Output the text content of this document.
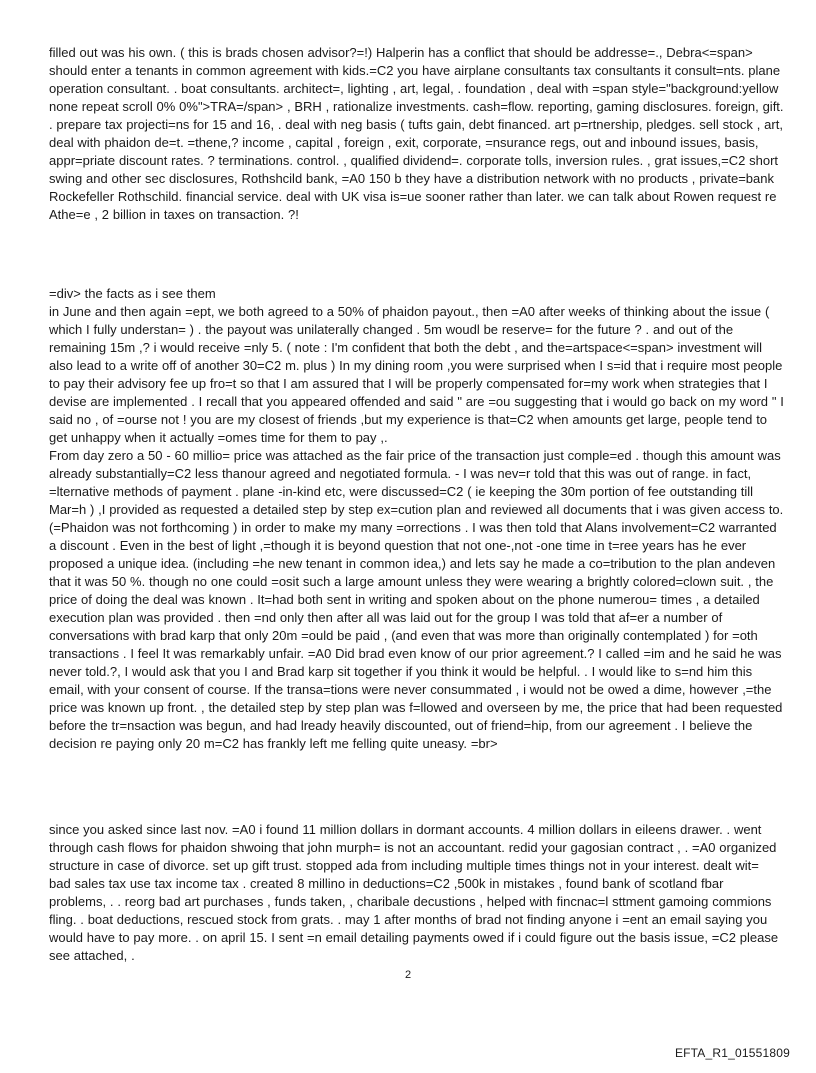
filled out was his own. ( this is brads chosen advisor?=!) Halperin has a conflict that should be addresse=., Debra<=span> should enter a tenants in common agreement with kids.=C2 you have airplane consultants tax consultants it consult=nts. plane operation consultant. . boat consultants. architect=, lighting , art, legal, . foundation , deal with =span style="background:yellow none repeat scroll 0% 0%">TRA=/span> , BRH , rationalize investments. cash=flow. reporting, gaming disclosures. foreign, gift. . prepare tax projecti=ns for 15 and 16, . deal with neg basis ( tufts gain, debt financed. art p=rtnership, pledges. sell stock , art, deal with phaidon de=t. =thene,? income , capital , foreign , exit, corporate, =nsurance regs, out and inbound issues, basis, appr=priate discount rates. ? terminations. control. , qualified dividend=. corporate tolls, inversion rules. , grat issues,=C2 short swing and other sec disclosures, Rothshcild bank, =A0 150 b they have a distribution network with no products , private=bank Rockefeller Rothschild. financial service. deal with UK visa is=ue sooner rather than later. we can talk about Rowen request re Athe=e , 2 billion in taxes on transaction. ?!

=div> the facts as i see them
in June and then again =ept, we both agreed to a 50% of phaidon payout., then =A0 after weeks of thinking about the issue ( which I fully understan= ) . the payout was unilaterally changed . 5m woudl be reserve= for the future ? . and out of the remaining 15m ,? i would receive =nly 5. ( note : I'm confident that both the debt , and the=artspace<=span> investment will also lead to a write off of another 30=C2 m. plus ) In my dining room ,you were surprised when I s=id that i require most people to pay their advisory fee up fro=t so that I am assured that I will be properly compensated for=my work when strategies that I devise are implemented . I recall that you appeared offended and said " are =ou suggesting that i would go back on my word " I said no , of =ourse not ! you are my closest of friends ,but my experience is that=C2 when amounts get large, people tend to get unhappy when it actually =omes time for them to pay ,.
From day zero a 50 - 60 millio= price was attached as the fair price of the transaction just comple=ed . though this amount was already substantially=C2 less thanour agreed and negotiated formula. - I was nev=r told that this was out of range. in fact, =lternative methods of payment . plane -in-kind etc, were discussed=C2 ( ie keeping the 30m portion of fee outstanding till Mar=h ) ,I provided as requested a detailed step by step ex=cution plan and reviewed all documents that i was given access to. (=Phaidon was not forthcoming ) in order to make my many =orrections . I was then told that Alans involvement=C2 warranted a discount . Even in the best of light ,=though it is beyond question that not one-,not -one time in t=ree years has he ever proposed a unique idea. (including =he new tenant in common idea,) and lets say he made a co=tribution to the plan andeven that it was 50 %. though no one could =osit such a large amount unless they were wearing a brightly colored=clown suit. , the price of doing the deal was known . It=had both sent in writing and spoken about on the phone numerou= times , a detailed execution plan was provided . then =nd only then after all was laid out for the group I was told that af=er a number of conversations with brad karp that only 20m =ould be paid , (and even that was more than originally contemplated ) for =oth transactions . I feel It was remarkably unfair. =A0 Did brad even know of our prior agreement.? I called =im and he said he was never told.?, I would ask that you I and Brad karp sit together if you think it would be helpful. . I would like to s=nd him this email, with your consent of course. If the transa=tions were never consummated , i would not be owed a dime, however ,=the price was known up front. , the detailed step by step plan was f=llowed and overseen by me, the price that had been requested before the tr=nsaction was begun, and had lready heavily discounted, out of friend=hip, from our agreement . I believe the decision re paying only 20 m=C2 has frankly left me felling quite uneasy. =br>

since you asked since last nov. =A0 i found 11 million dollars in dormant accounts. 4 million dollars in eileens drawer. . went through cash flows for phaidon shwoing that john murph= is not an accountant. redid your gagosian contract , . =A0 organized structure in case of divorce. set up gift trust. stopped ada from including multiple times things not in your interest. dealt wit= bad sales tax use tax income tax . created 8 millino in deductions=C2 ,500k in mistakes , found bank of scotland fbar problems, . . reorg bad art purchases , funds taken, , charibale decustions , helped with fincnac=l sttment gamoing commions fling. . boat deductions, rescued stock from grats. . may 1 after months of brad not finding anyone i =ent an email saying you would have to pay more. . on april 15. I sent =n email detailing payments owed if i could figure out the basis issue, =C2 please see attached, .

2
EFTA_R1_01551809
